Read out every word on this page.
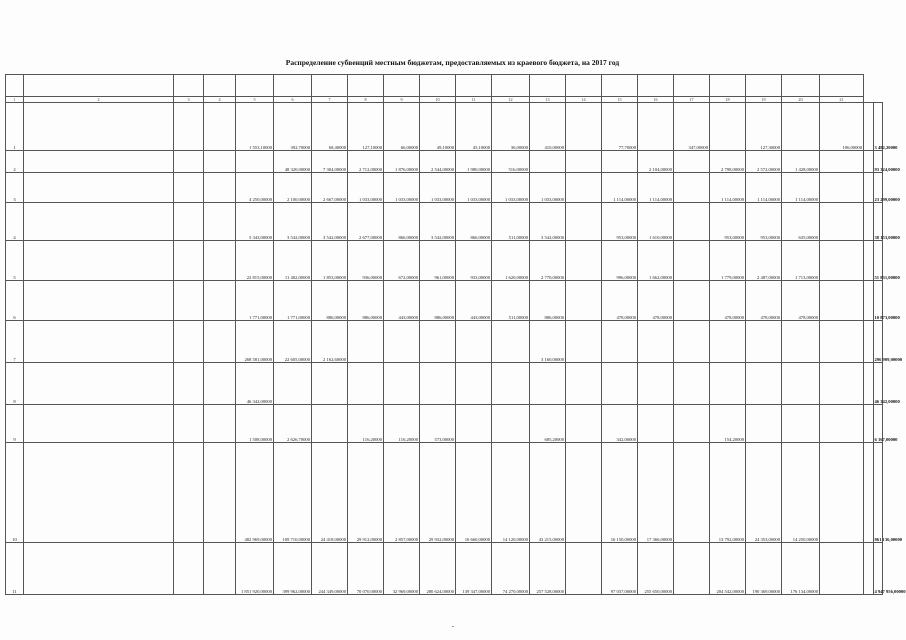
Распределение субвенций местным бюджетам, предоставляемых из краевого бюджета, на 2017 год

1	2	3	4	5	6	7	8	9	10	11	12	13	14	15	16	17	18	19	20	21		
1				1 553,10000	392,70000	68,40000	127,10000	66,00000	49,10000	45,10000	36,00000	410,00000		77,70000		347,00000		127,30000		106,00000		3 482,20000
2					48 320,00000	7 304,00000	2 712,00000	1 876,00000	2 544,00000	1 980,00000	516,00000				2 104,00000		2 798,00000	2 572,00000	1 428,00000			93 324,00000
3				4 250,00000	2 100,00000	2 667,00000	1 033,00000	1 033,00000	1 033,00000	1 033,00000	1 033,00000	1 033,00000		1 114,00000	1 114,00000		1 114,00000	1 114,00000	1 114,00000			23 299,00000
4				5 343,00000	3 542,00000	3 542,00000	2 677,00000	866,00000	3 542,00000	866,00000	511,00000	3 542,00000		953,00000	1 610,00000		953,00000	953,00000	635,00000			38 153,00000
5				22 815,00000	11 402,00000	1 853,00000	936,00000	672,00000	961,00000	933,00000	1 620,00000	2 770,00000		996,00000	1 662,00000		1 779,00000	2 487,00000	1 713,00000			51 831,00000
6				1 771,00000	1 771,00000	886,00000	886,00000	443,00000	886,00000	443,00000	511,00000	886,00000		478,00000	478,00000		478,00000	478,00000	478,00000			10 873,00000
7				268 581,00000	22 605,00000	2 162,60000						3 160,00000										296 909,00000
8				46 342,00000																		46 342,00000
9				1 508,00000	2 626,70000		116,20000	116,20000	573,00000			685,20000		342,00000			154,20000					6 167,00000
10				482 969,00000	109 710,00000	24 418,00000	29 912,00000	2 857,00000	29 932,00000	16 660,00000	14 120,00000	43 215,00000		16 150,00000	17 366,00000		13 792,00000	24 353,00000	14 250,00000			861 136,00000
11				1 851 920,00000	399 962,00000	244 349,00000	70 070,00000	32 969,00000	280 624,00000	139 347,00000	74 270,00000	257 528,00000		97 037,00000	255 650,00000		204 542,00000	190 369,00000	176 134,00000			4 947 956,00000
